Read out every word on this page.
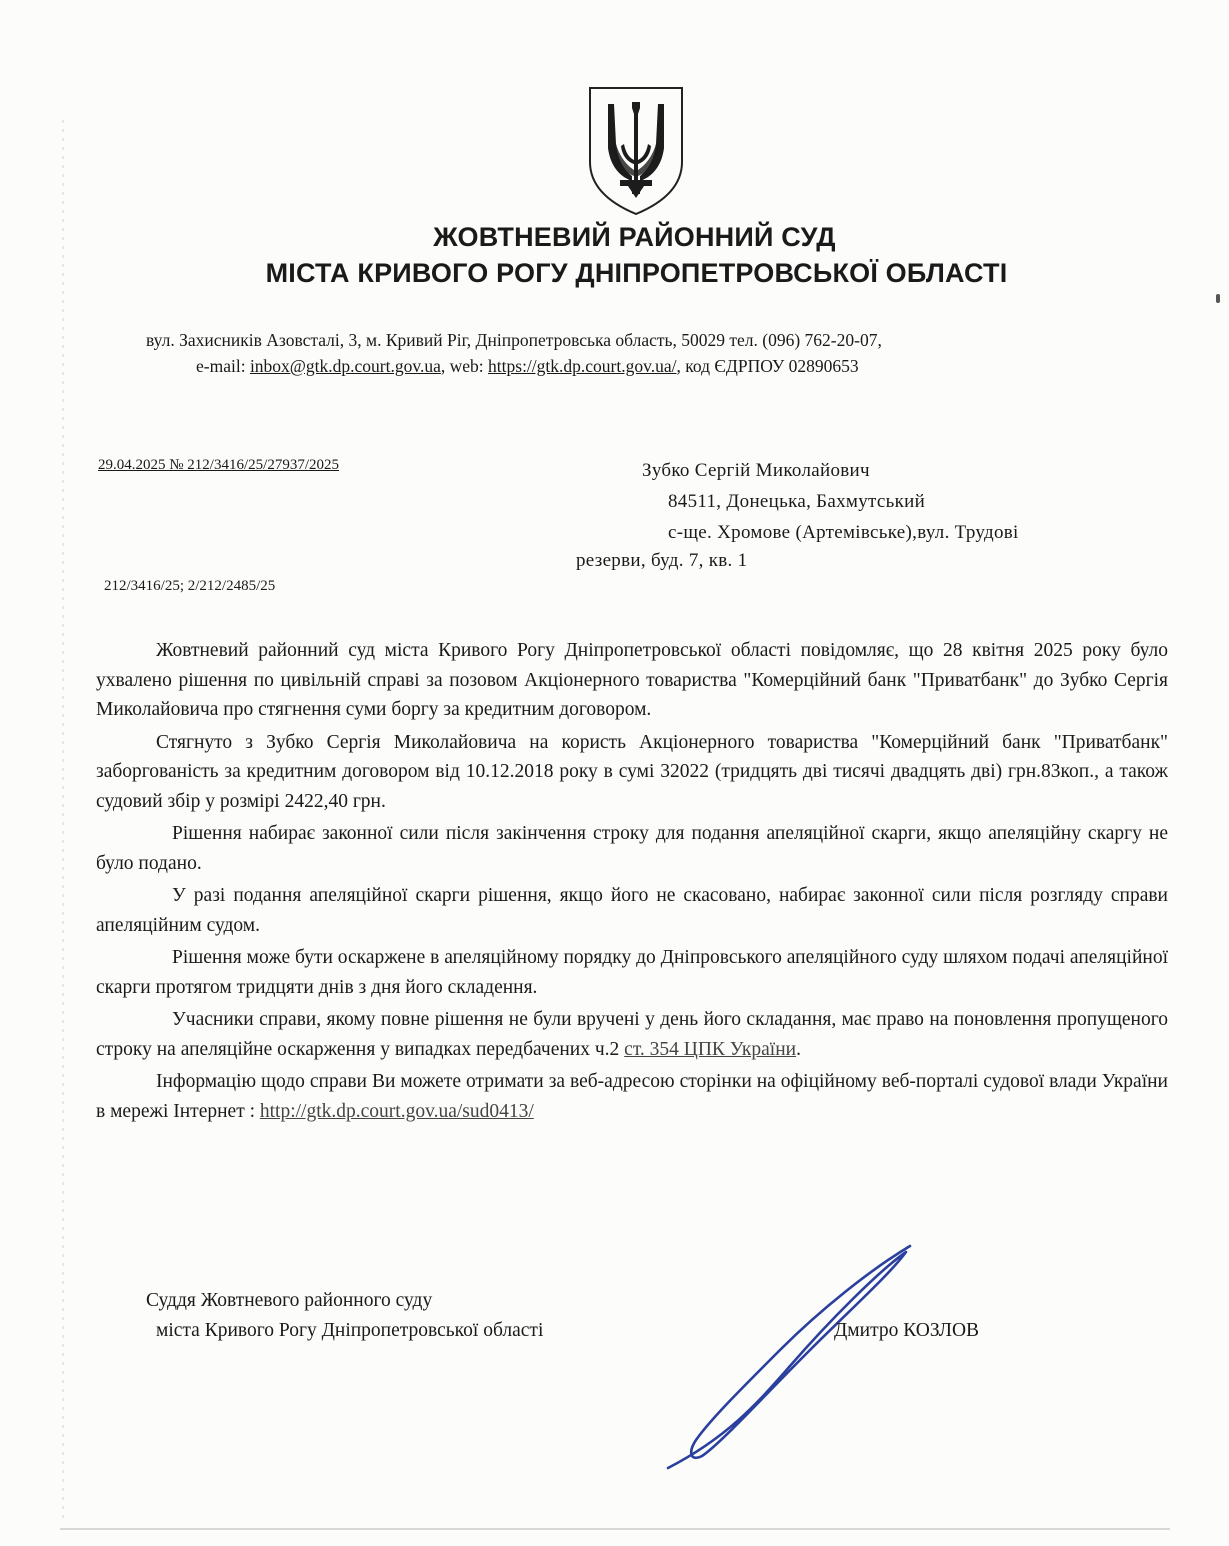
ЖОВТНЕВИЙ РАЙОННИЙ СУД
МІСТА КРИВОГО РОГУ ДНІПРОПЕТРОВСЬКОЇ ОБЛАСТІ
вул. Захисників Азовсталі, 3, м. Кривий Ріг, Дніпропетровська область, 50029 тел. (096) 762-20-07,
e-mail: inbox@gtk.dp.court.gov.ua, web: https://gtk.dp.court.gov.ua/, код ЄДРПОУ 02890653
29.04.2025 № 212/3416/25/27937/2025
212/3416/25; 2/212/2485/25
Зубко Сергій Миколайович
84511, Донецька, Бахмутський
с-ще. Хромове (Артемівське),вул. Трудові
резерви, буд. 7, кв. 1

Жовтневий районний суд міста Кривого Рогу Дніпропетровської області повідомляє, що 28 квітня 2025 року було ухвалено рішення по цивільній справі за позовом Акціонерного товариства "Комерційний банк "Приватбанк" до Зубко Сергія Миколайовича про стягнення суми боргу за кредитним договором.

Стягнуто з Зубко Сергія Миколайовича на користь Акціонерного товариства "Комерційний банк "Приватбанк" заборгованість за кредитним договором від 10.12.2018 року в сумі 32022 (тридцять дві тисячі двадцять дві) грн.83коп., а також судовий збір у розмірі 2422,40 грн.

Рішення набирає законної сили після закінчення строку для подання апеляційної скарги, якщо апеляційну скаргу не було подано.

У разі подання апеляційної скарги рішення, якщо його не скасовано, набирає законної сили після розгляду справи апеляційним судом.

Рішення може бути оскаржене в апеляційному порядку до Дніпровського апеляційного суду шляхом подачі апеляційної скарги протягом тридцяти днів з дня його складення.

Учасники справи, якому повне рішення не були вручені у день його складання, має право на поновлення пропущеного строку на апеляційне оскарження у випадках передбачених ч.2 ст. 354 ЦПК України.

Інформацію щодо справи Ви можете отримати за веб-адресою сторінки на офіційному веб-порталі судової влади України в мережі Інтернет : http://gtk.dp.court.gov.ua/sud0413/

Суддя Жовтневого районного суду
міста Кривого Рогу Дніпропетровської області	Дмитро КОЗЛОВ
